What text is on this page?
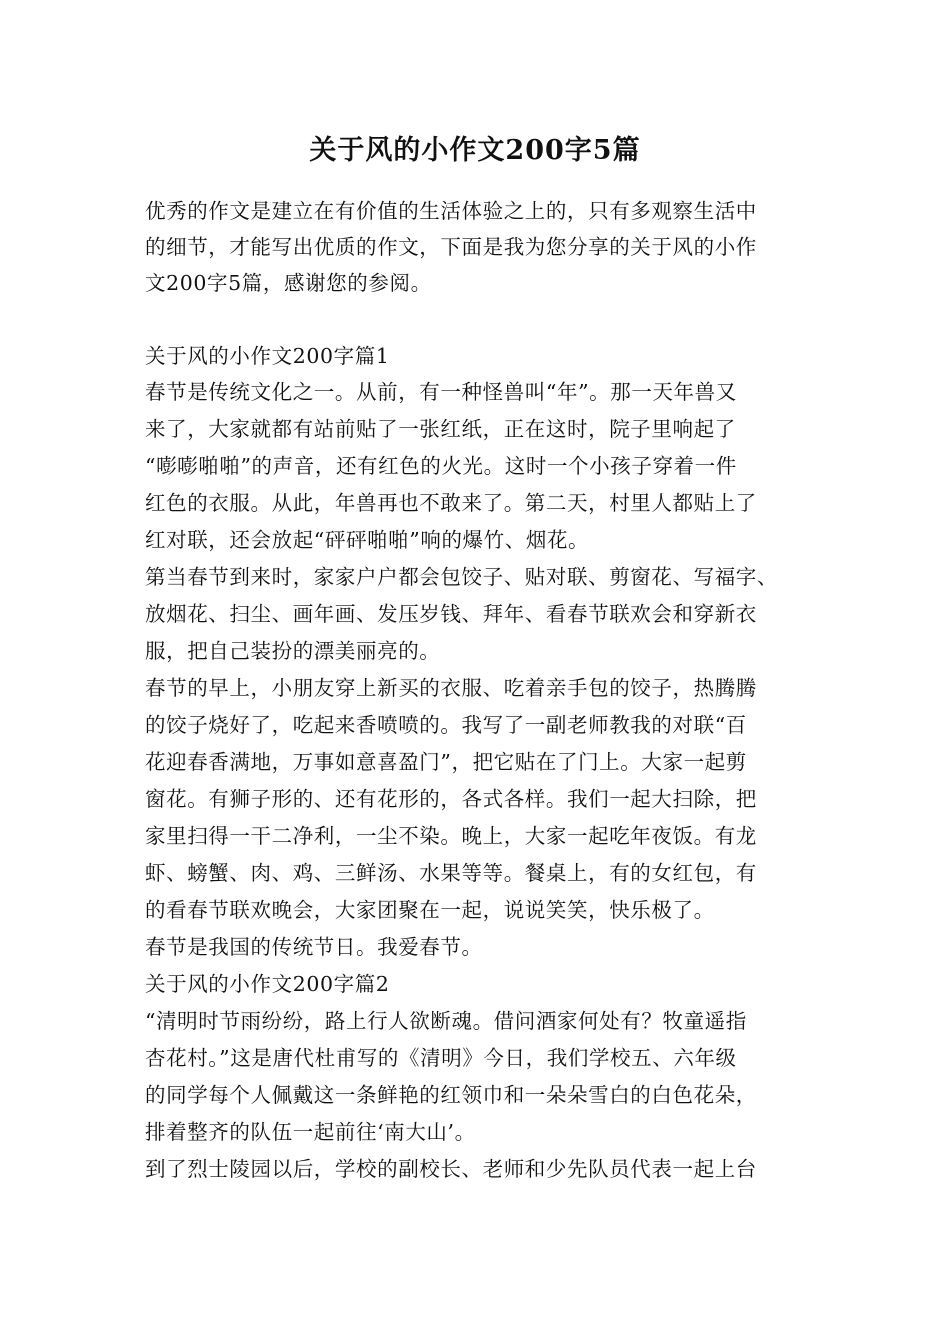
关于风的小作文200字5篇
优秀的作文是建立在有价值的生活体验之上的，只有多观察生活中
的细节，才能写出优质的作文，下面是我为您分享的关于风的小作
文200字5篇，感谢您的参阅。
关于风的小作文200字篇1
春节是传统文化之一。从前，有一种怪兽叫“年”。那一天年兽又
来了，大家就都有站前贴了一张红纸，正在这时，院子里响起了
“嘭嘭啪啪”的声音，还有红色的火光。这时一个小孩子穿着一件
红色的衣服。从此，年兽再也不敢来了。第二天，村里人都贴上了
红对联，还会放起“砰砰啪啪”响的爆竹、烟花。
第当春节到来时，家家户户都会包饺子、贴对联、剪窗花、写福字、
放烟花、扫尘、画年画、发压岁钱、拜年、看春节联欢会和穿新衣
服，把自己装扮的漂美丽亮的。
春节的早上，小朋友穿上新买的衣服、吃着亲手包的饺子，热腾腾
的饺子烧好了，吃起来香喷喷的。我写了一副老师教我的对联“百
花迎春香满地，万事如意喜盈门”，把它贴在了门上。大家一起剪
窗花。有狮子形的、还有花形的，各式各样。我们一起大扫除，把
家里扫得一干二净利，一尘不染。晚上，大家一起吃年夜饭。有龙
虾、螃蟹、肉、鸡、三鲜汤、水果等等。餐桌上，有的女红包，有
的看春节联欢晚会，大家团聚在一起，说说笑笑，快乐极了。
春节是我国的传统节日。我爱春节。
关于风的小作文200字篇2
“清明时节雨纷纷，路上行人欲断魂。借问酒家何处有？牧童遥指
杏花村。”这是唐代杜甫写的《清明》今日，我们学校五、六年级
的同学每个人佩戴这一条鲜艳的红领巾和一朵朵雪白的白色花朵，
排着整齐的队伍一起前往‘南大山’。
到了烈士陵园以后，学校的副校长、老师和少先队员代表一起上台
